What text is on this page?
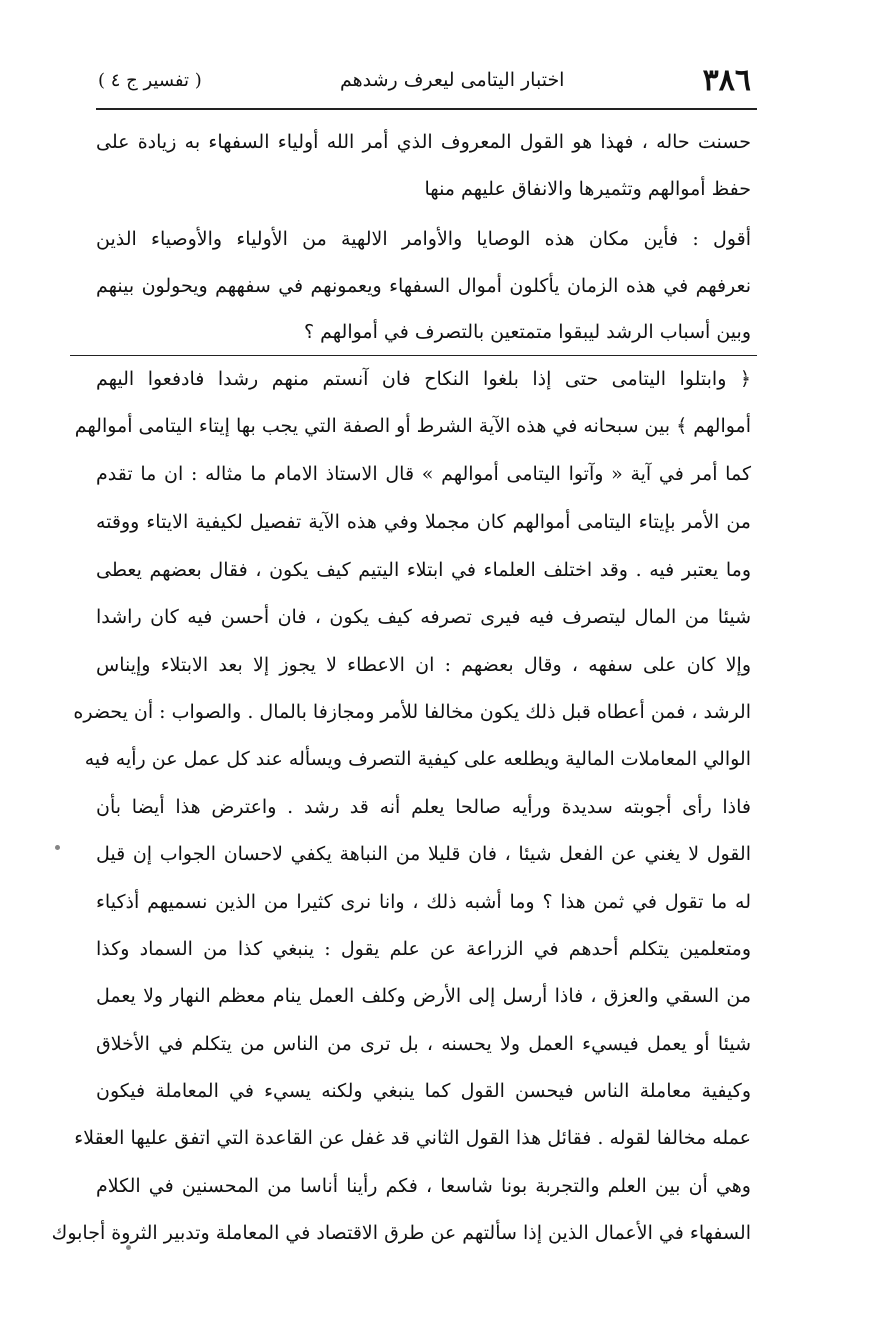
٣٨٦
اختبار اليتامى ليعرف رشدهم
( تفسير ج ٤ )
حسنت حاله ، فهذا هو القول المعروف الذي أمر الله أولياء السفهاء به زيادة على
حفظ أموالهم وتثميرها والانفاق عليهم منها
أقول : فأين مكان هذه الوصايا والأوامر الالهية من الأولياء والأوصياء الذين
نعرفهم في هذه الزمان يأكلون أموال السفهاء ويعمونهم في سفههم ويحولون بينهم
وبين أسباب الرشد ليبقوا متمتعين بالتصرف في أموالهم ؟
﴿ وابتلوا اليتامى حتى إذا بلغوا النكاح فان آنستم منهم رشدا فادفعوا اليهم
أموالهم ﴾ بين سبحانه في هذه الآية الشرط أو الصفة التي يجب بها إيتاء اليتامى أموالهم
كما أمر في آية « وآتوا اليتامى أموالهم » قال الاستاذ الامام ما مثاله : ان ما تقدم
من الأمر بإيتاء اليتامى أموالهم كان مجملا وفي هذه الآية تفصيل لكيفية الايتاء ووقته
وما يعتبر فيه . وقد اختلف العلماء في ابتلاء اليتيم كيف يكون ، فقال بعضهم يعطى
شيئا من المال ليتصرف فيه فيرى تصرفه كيف يكون ، فان أحسن فيه كان راشدا
وإلا كان على سفهه ، وقال بعضهم : ان الاعطاء لا يجوز إلا بعد الابتلاء وإيناس
الرشد ، فمن أعطاه قبل ذلك يكون مخالفا للأمر ومجازفا بالمال . والصواب : أن يحضره
الوالي المعاملات المالية ويطلعه على كيفية التصرف ويسأله عند كل عمل عن رأيه فيه
فاذا رأى أجوبته سديدة ورأيه صالحا يعلم أنه قد رشد . واعترض هذا أيضا بأن
القول لا يغني عن الفعل شيئا ، فان قليلا من النباهة يكفي لاحسان الجواب إن قيل
له ما تقول في ثمن هذا ؟ وما أشبه ذلك ، وانا نرى كثيرا من الذين نسميهم أذكياء
ومتعلمين يتكلم أحدهم في الزراعة عن علم يقول : ينبغي كذا من السماد وكذا
من السقي والعزق ، فاذا أرسل إلى الأرض وكلف العمل ينام معظم النهار ولا يعمل
شيئا أو يعمل فيسيء العمل ولا يحسنه ، بل ترى من الناس من يتكلم في الأخلاق
وكيفية معاملة الناس فيحسن القول كما ينبغي ولكنه يسيء في المعاملة فيكون
عمله مخالفا لقوله . فقائل هذا القول الثاني قد غفل عن القاعدة التي اتفق عليها العقلاء
وهي أن بين العلم والتجربة بونا شاسعا ، فكم رأينا أناسا من المحسنين في الكلام
السفهاء في الأعمال الذين إذا سألتهم عن طرق الاقتصاد في المعاملة وتدبير الثروة أجابوك
